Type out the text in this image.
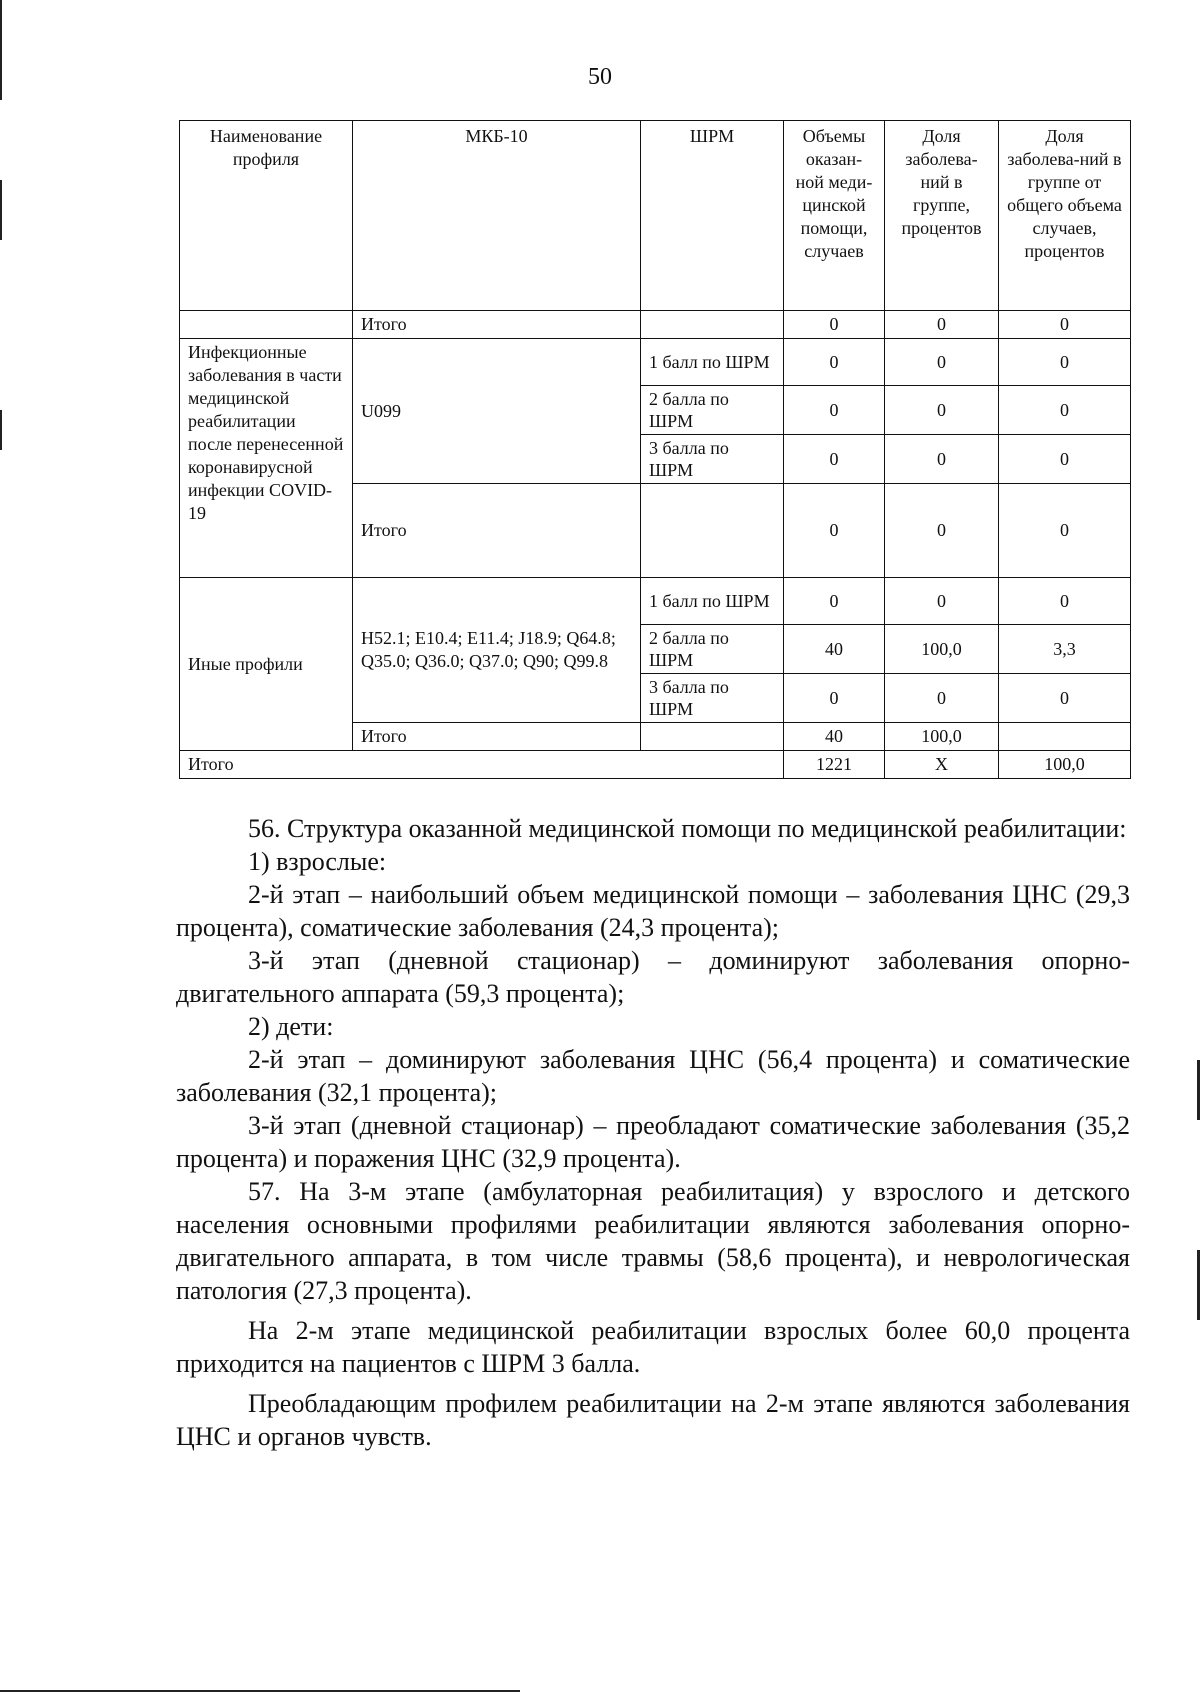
50
Наименование профиля	МКБ-10	ШРМ	Объемы оказан-ной меди-цинской помощи, случаев	Доля заболева-ний в группе, процентов	Доля заболева-ний в группе от общего объема случаев, процентов
	Итого		0	0	0
Инфекционные заболевания в части медицинской реабилитации после перенесенной коронавирусной инфекции COVID-19	U099	1 балл по ШРМ	0	0	0
		2 балла по ШРМ	0	0	0
		3 балла по ШРМ	0	0	0
	Итого		0	0	0
Иные профили	H52.1; E10.4; E11.4; J18.9; Q64.8; Q35.0; Q36.0; Q37.0; Q90; Q99.8	1 балл по ШРМ	0	0	0
		2 балла по ШРМ	40	100,0	3,3
		3 балла по ШРМ	0	0	0
	Итого		40	100,0	
Итого			1221	Х	100,0

56. Структура оказанной медицинской помощи по медицинской реабилитации:

1) взрослые:

2-й этап – наибольший объем медицинской помощи – заболевания ЦНС (29,3 процента), соматические заболевания (24,3 процента);

3-й этап (дневной стационар) – доминируют заболевания опорно-двигательного аппарата (59,3 процента);

2) дети:

2-й этап – доминируют заболевания ЦНС (56,4 процента) и соматические заболевания (32,1 процента);

3-й этап (дневной стационар) – преобладают соматические заболевания (35,2 процента) и поражения ЦНС (32,9 процента).

57. На 3-м этапе (амбулаторная реабилитация) у взрослого и детского населения основными профилями реабилитации являются заболевания опорно-двигательного аппарата, в том числе травмы (58,6 процента), и неврологическая патология (27,3 процента).

На 2-м этапе медицинской реабилитации взрослых более 60,0 процента приходится на пациентов с ШРМ 3 балла.

Преобладающим профилем реабилитации на 2-м этапе являются заболевания ЦНС и органов чувств.
